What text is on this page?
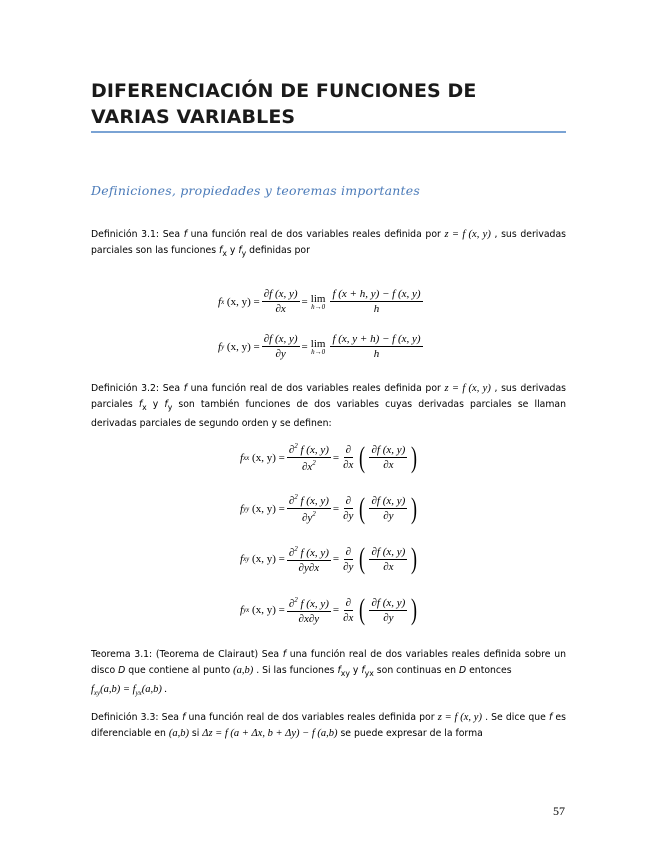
DIFERENCIACIÓN DE FUNCIONES DE VARIAS VARIABLES
Definiciones, propiedades y teoremas importantes
Definición 3.1: Sea f una función real de dos variables reales definida por z = f (x, y) , sus derivadas parciales son las funciones $f_x$ y $f_y$ definidas por
f x
(x, $y) = \frac{\partial f (x, y)}{\partial x} = \lim$
$h\to 0 \frac{f (x + h, y) - f (x, y)}{h}$
f y
(x, $y) = \frac{\partial f (x, y)}{\partial y} = \lim$
$h\to 0 \frac{f (x, y + h) - f (x, y)}{h}$
Definición 3.2: Sea f una función real de dos variables reales definida por z = f (x, y) , sus derivadas parciales $f_x$ y $f_y$ son también funciones de dos variables cuyas derivadas parciales se llaman derivadas parciales de segundo orden y se definen:
f xx
(x, $y) = \frac{\partial^2 f (x, y)}{\partial x^2} = \frac{\partial}{\partial x}$ ( $\frac{\partial f (x, y)}{\partial x}$ )
f yy
(x, $y) = \frac{\partial^2 f (x, y)}{\partial y^2} = \frac{\partial}{\partial y}$ ( $\frac{\partial f (x, y)}{\partial y}$ )
f xy
(x, $y) = \frac{\partial^2 f (x, y)}{\partial y\partial x} = \frac{\partial}{\partial y}$ ( $\frac{\partial f (x, y)}{\partial x}$ )
f yx
(x, $y) = \frac{\partial^2 f (x, y)}{\partial x\partial y} = \frac{\partial}{\partial x}$ ( $\frac{\partial f (x, y)}{\partial y}$ )
Teorema 3.1: (Teorema de Clairaut) Sea f una función real de dos variables reales definida sobre un disco D que contiene al punto (a,b) . Si las funciones $f_{xy}$ y $f_{yx}$ son continuas en D entonces
$f_{xy}(a,b) = f_{yx}(a,b)$ .
Definición 3.3: Sea f una función real de dos variables reales definida por z = f (x, y) . Se dice que f es diferenciable en (a,b) si Δz = f (a + Δx, b + Δy) − f (a,b) se puede expresar de la forma
57
